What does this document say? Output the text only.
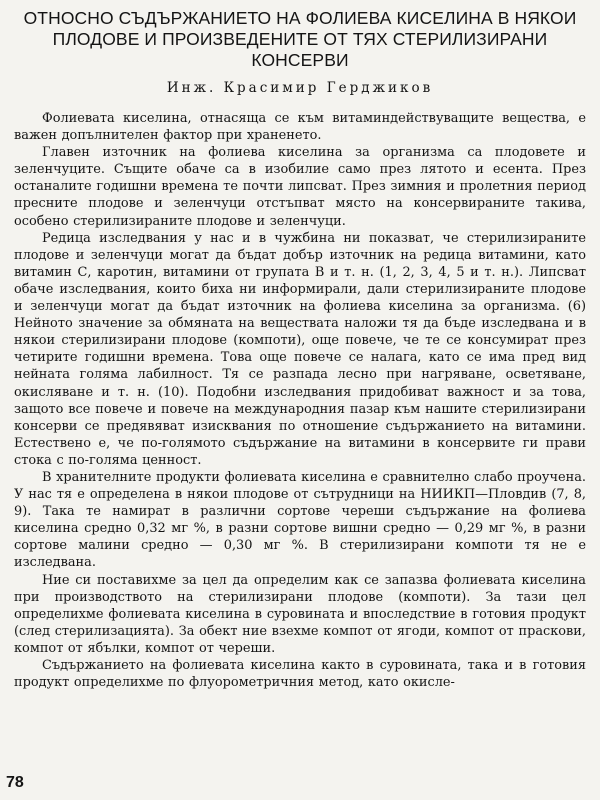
ОТНОСНО СЪДЪРЖАНИЕТО НА ФОЛИЕВА КИСЕЛИНА В НЯКОИ ПЛОДОВЕ И ПРОИЗВЕДЕНИТЕ ОТ ТЯХ СТЕРИЛИЗИРАНИ КОНСЕРВИ
Инж. Красимир Герджиков

Фолиевата киселина, отнасяща се към витаминдействуващите вещества, е важен допълнителен фактор при храненето.

Главен източник на фолиева киселина за организма са плодовете и зеленчуците. Същите обаче са в изобилие само през лятото и есента. През останалите годишни времена те почти липсват. През зимния и пролетния период пресните плодове и зеленчуци отстъпват място на консервираните такива, особено стерилизираните плодове и зеленчуци.

Редица изследвания у нас и в чужбина ни показват, че стерилизираните плодове и зеленчуци могат да бъдат добър източник на редица витамини, като витамин С, каротин, витамини от групата В и т. н. (1, 2, 3, 4, 5 и т. н.). Липсват обаче изследвания, които биха ни информирали, дали стерилизираните плодове и зеленчуци могат да бъдат източник на фолиева киселина за организма. (6) Нейното значение за обмяната на веществата наложи тя да бъде изследвана и в някои стерилизирани плодове (компоти), още повече, че те се консумират през четирите годишни времена. Това още повече се налага, като се има пред вид нейната голяма лабилност. Тя се разпада лесно при нагряване, осветяване, окисляване и т. н. (10). Подобни изследвания придобиват важност и за това, защото все повече и повече на международния пазар към нашите стерилизирани консерви се предявяват изисквания по отношение съдържанието на витамини. Естествено е, че по-голямото съдържание на витамини в консервите ги прави стока с по-голяма ценност.

В хранителните продукти фолиевата киселина е сравнително слабо проучена. У нас тя е определена в някои плодове от сътрудници на НИИКП—Пловдив (7, 8, 9). Така те намират в различни сортове череши съдържание на фолиева киселина средно 0,32 мг %, в разни сортове вишни средно — 0,29 мг %, в разни сортове малини средно — 0,30 мг %. В стерилизирани компоти тя не е изследвана.

Ние си поставихме за цел да определим как се запазва фолиевата киселина при производството на стерилизирани плодове (компоти). За тази цел определихме фолиевата киселина в суровината и впоследствие в готовия продукт (след стерилизацията). За обект ние взехме компот от ягоди, компот от праскови, компот от ябълки, компот от череши.

Съдържанието на фолиевата киселина както в суровината, така и в готовия продукт определихме по флуорометричния метод, като окисле-

78
